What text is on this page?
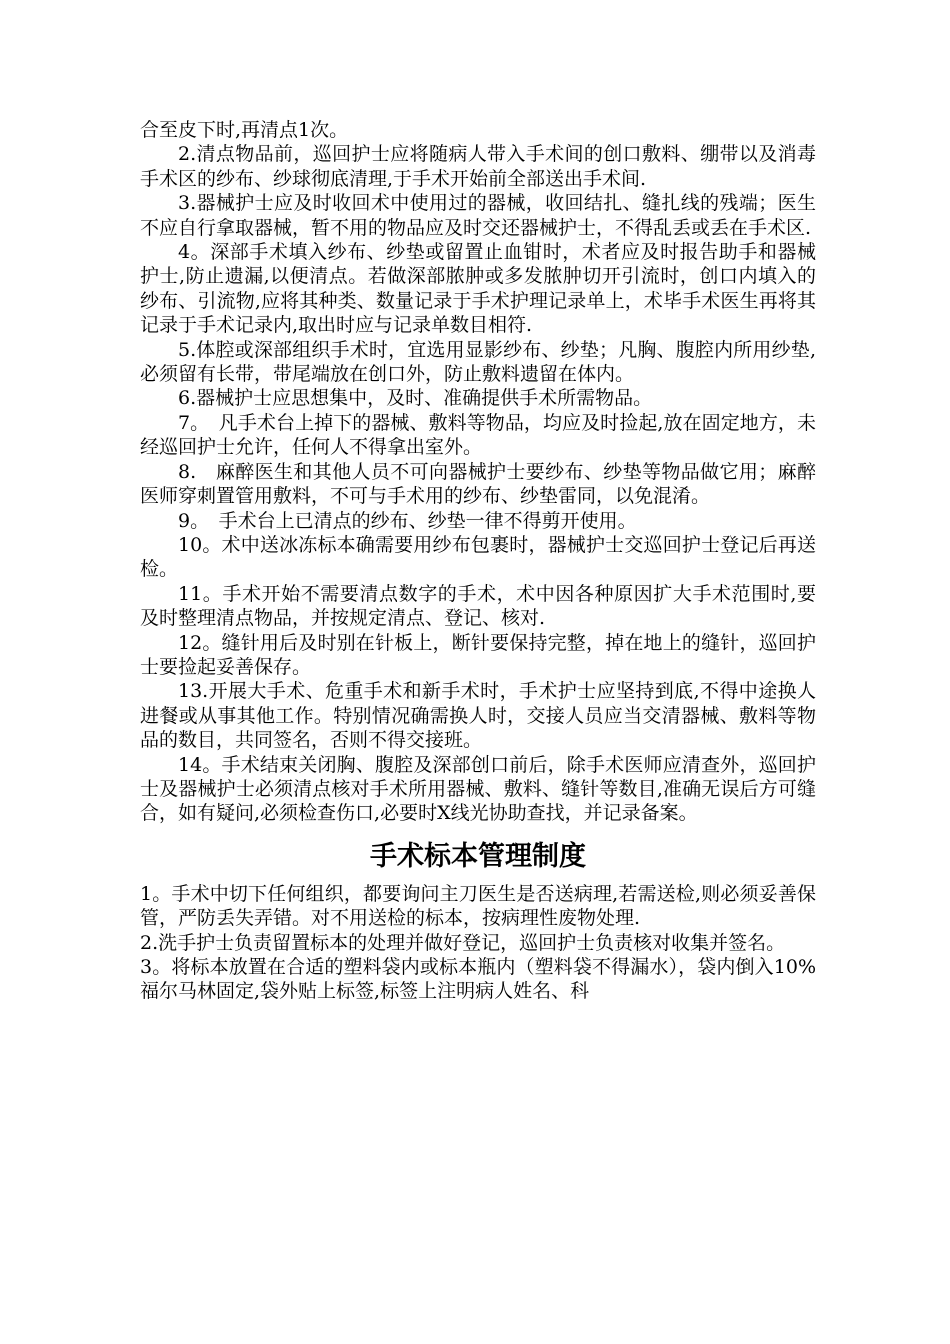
合至皮下时,再清点1次。

2.清点物品前，巡回护士应将随病人带入手术间的创口敷料、绷带以及消毒手术区的纱布、纱球彻底清理,于手术开始前全部送出手术间.

3.器械护士应及时收回术中使用过的器械，收回结扎、缝扎线的残端；医生不应自行拿取器械，暂不用的物品应及时交还器械护士，不得乱丢或丢在手术区.

4。深部手术填入纱布、纱垫或留置止血钳时，术者应及时报告助手和器械护士,防止遗漏,以便清点。若做深部脓肿或多发脓肿切开引流时，创口内填入的纱布、引流物,应将其种类、数量记录于手术护理记录单上，术毕手术医生再将其记录于手术记录内,取出时应与记录单数目相符.

5.体腔或深部组织手术时，宜选用显影纱布、纱垫；凡胸、腹腔内所用纱垫,必须留有长带，带尾端放在创口外，防止敷料遗留在体内。

6.器械护士应思想集中，及时、准确提供手术所需物品。

7。　凡手术台上掉下的器械、敷料等物品，均应及时捡起,放在固定地方，未经巡回护士允许，任何人不得拿出室外。

8.　麻醉医生和其他人员不可向器械护士要纱布、纱垫等物品做它用；麻醉医师穿刺置管用敷料，不可与手术用的纱布、纱垫雷同，以免混淆。

9。　手术台上已清点的纱布、纱垫一律不得剪开使用。

10。术中送冰冻标本确需要用纱布包裹时，器械护士交巡回护士登记后再送检。

11。手术开始不需要清点数字的手术，术中因各种原因扩大手术范围时,要及时整理清点物品，并按规定清点、登记、核对.

12。缝针用后及时别在针板上，断针要保持完整，掉在地上的缝针，巡回护士要捡起妥善保存。

13.开展大手术、危重手术和新手术时，手术护士应坚持到底,不得中途换人进餐或从事其他工作。特别情况确需换人时，交接人员应当交清器械、敷料等物品的数目，共同签名，否则不得交接班。

14。手术结束关闭胸、腹腔及深部创口前后，除手术医师应清查外，巡回护士及器械护士必须清点核对手术所用器械、敷料、缝针等数目,准确无误后方可缝合，如有疑问,必须检查伤口,必要时X线光协助查找，并记录备案。

手术标本管理制度

1。手术中切下任何组织，都要询问主刀医生是否送病理,若需送检,则必须妥善保管，严防丢失弄错。对不用送检的标本，按病理性废物处理.

2.洗手护士负责留置标本的处理并做好登记，巡回护士负责核对收集并签名。

3。将标本放置在合适的塑料袋内或标本瓶内（塑料袋不得漏水），袋内倒入10%福尔马林固定,袋外贴上标签,标签上注明病人姓名、科
